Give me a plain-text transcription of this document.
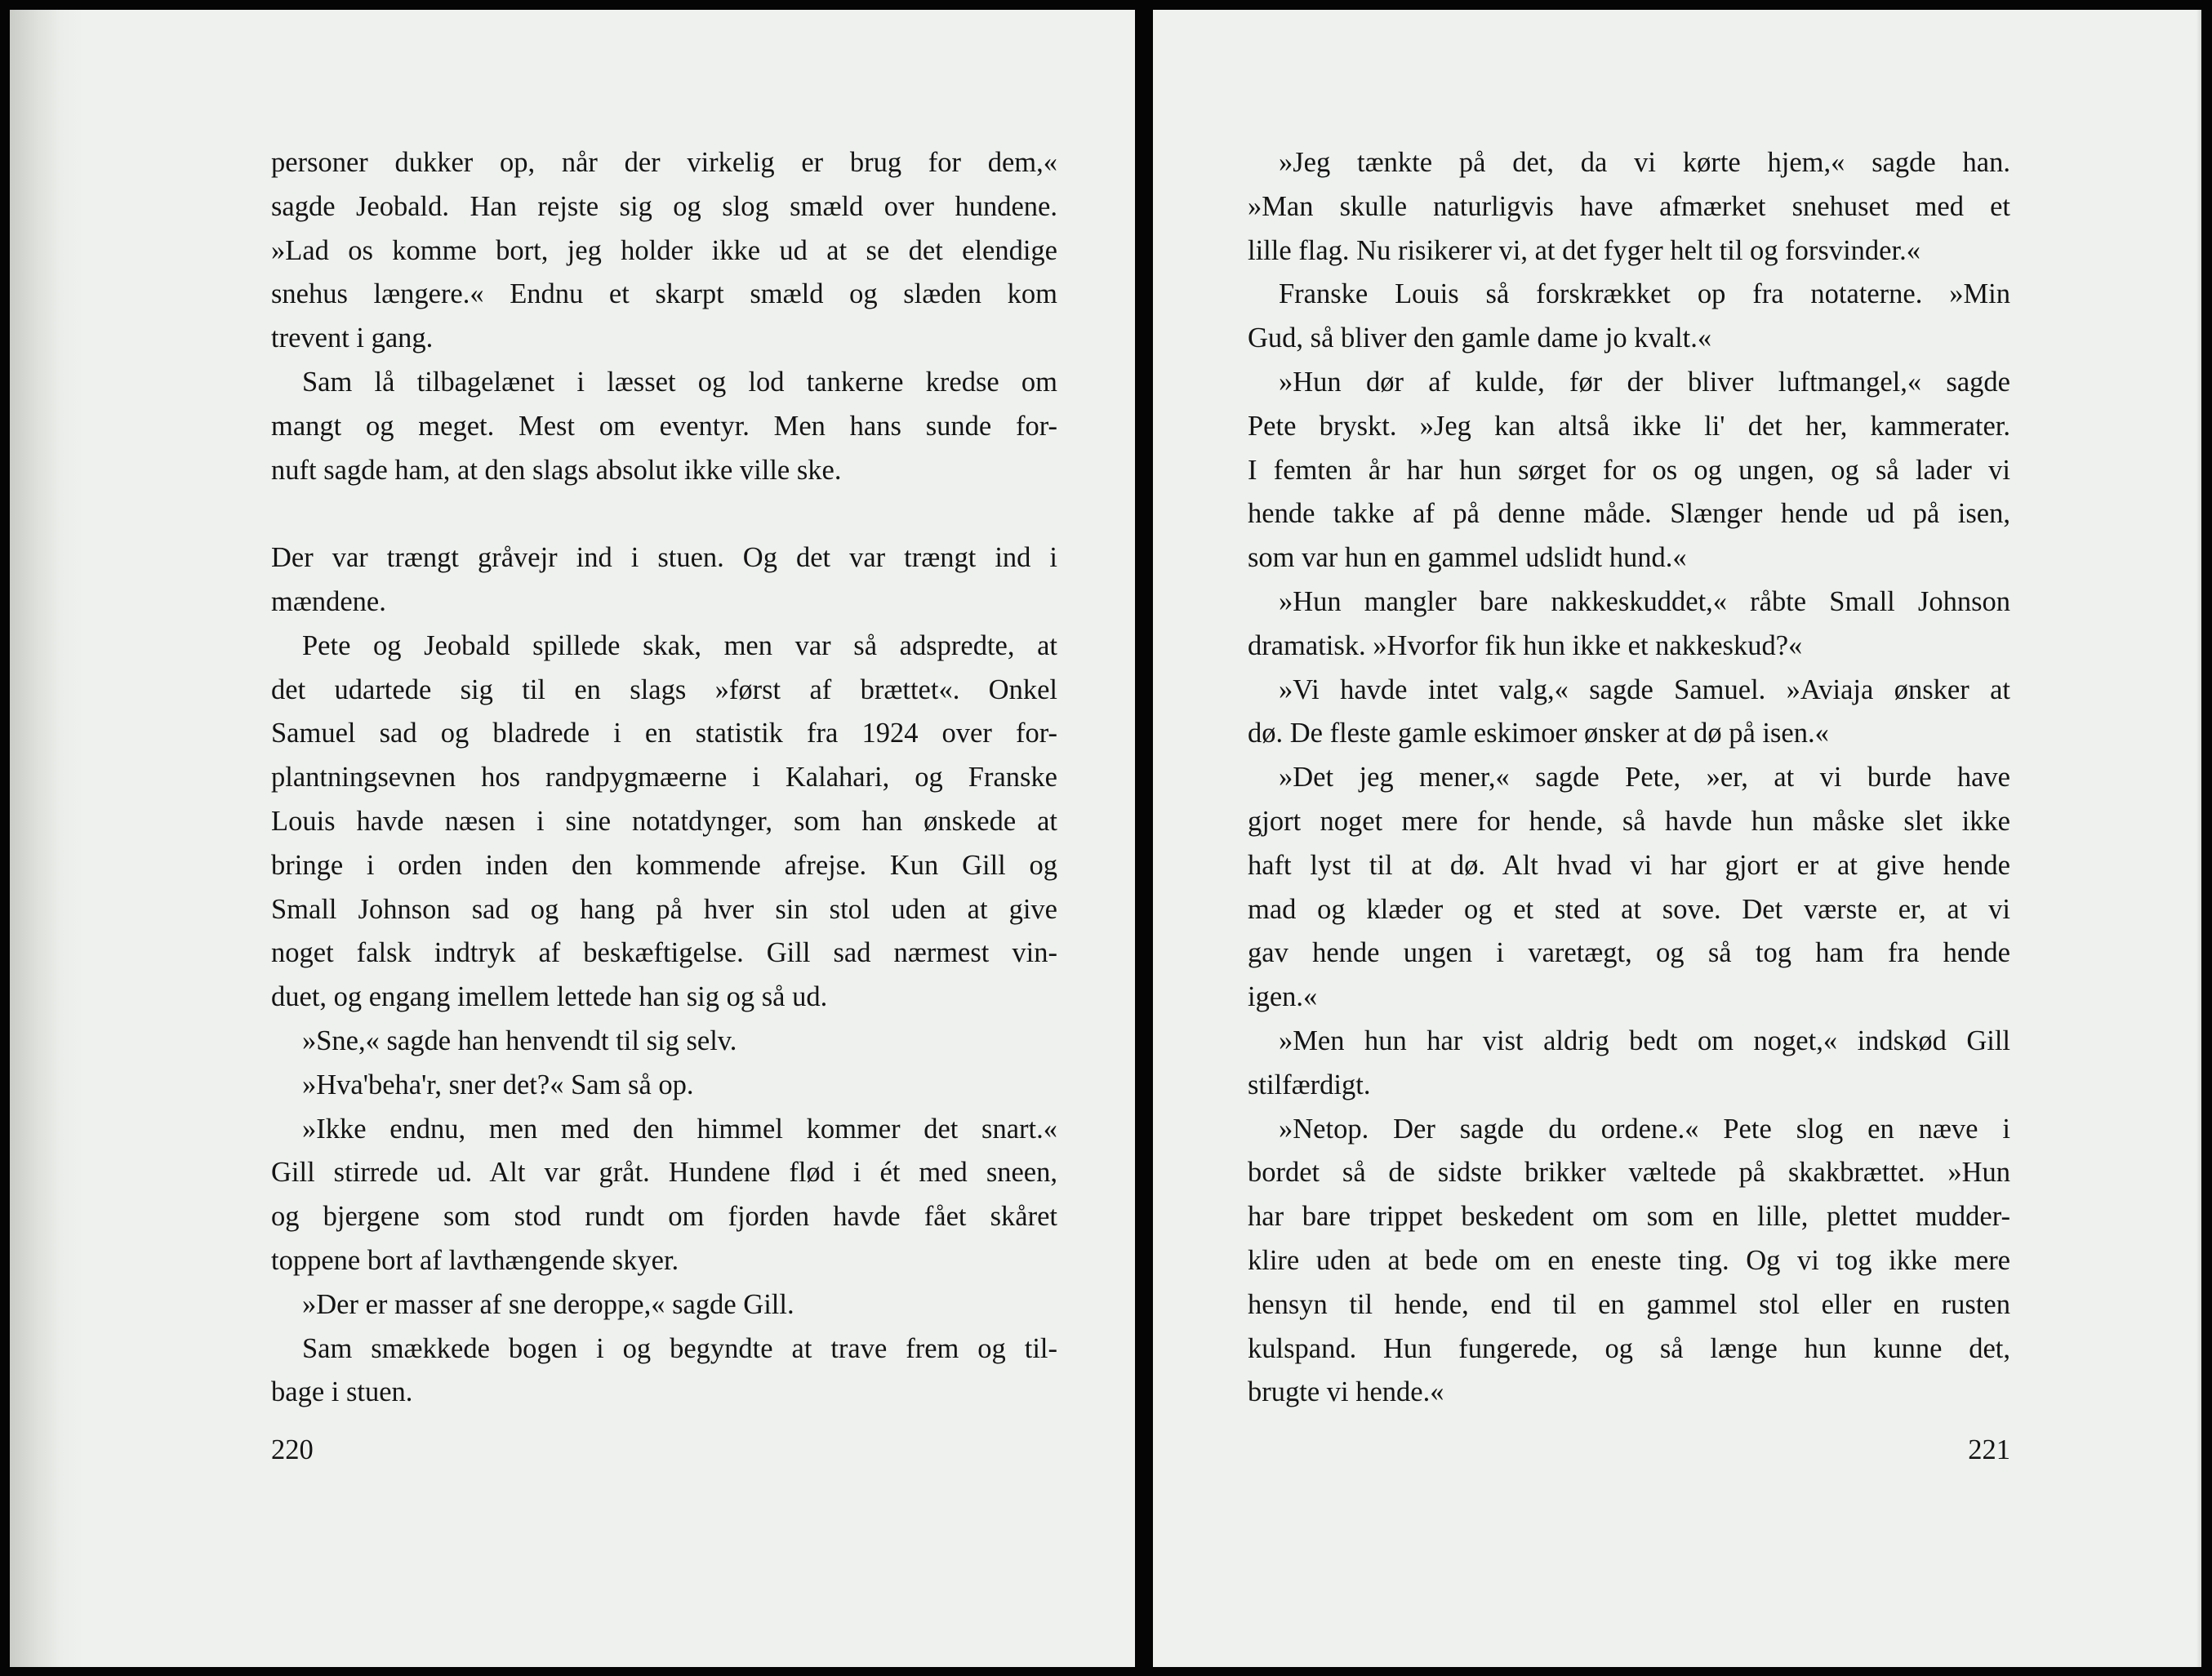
personer dukker op, når der virkelig er brug for dem,«
sagde Jeobald. Han rejste sig og slog smæld over hundene.
»Lad os komme bort, jeg holder ikke ud at se det elendige
snehus længere.« Endnu et skarpt smæld og slæden kom
trevent i gang.
Sam lå tilbagelænet i læsset og lod tankerne kredse om
mangt og meget. Mest om eventyr. Men hans sunde for-
nuft sagde ham, at den slags absolut ikke ville ske.
Der var trængt gråvejr ind i stuen. Og det var trængt ind i
mændene.
Pete og Jeobald spillede skak, men var så adspredte, at
det udartede sig til en slags »først af brættet«. Onkel
Samuel sad og bladrede i en statistik fra 1924 over for-
plantningsevnen hos randpygmæerne i Kalahari, og Franske
Louis havde næsen i sine notatdynger, som han ønskede at
bringe i orden inden den kommende afrejse. Kun Gill og
Small Johnson sad og hang på hver sin stol uden at give
noget falsk indtryk af beskæftigelse. Gill sad nærmest vin-
duet, og engang imellem lettede han sig og så ud.
»Sne,« sagde han henvendt til sig selv.
»Hva'beha'r, sner det?« Sam så op.
»Ikke endnu, men med den himmel kommer det snart.«
Gill stirrede ud. Alt var gråt. Hundene flød i ét med sneen,
og bjergene som stod rundt om fjorden havde fået skåret
toppene bort af lavthængende skyer.
»Der er masser af sne deroppe,« sagde Gill.
Sam smækkede bogen i og begyndte at trave frem og til-
bage i stuen.
220
»Jeg tænkte på det, da vi kørte hjem,« sagde han.
»Man skulle naturligvis have afmærket snehuset med et
lille flag. Nu risikerer vi, at det fyger helt til og forsvinder.«
Franske Louis så forskrækket op fra notaterne. »Min
Gud, så bliver den gamle dame jo kvalt.«
»Hun dør af kulde, før der bliver luftmangel,« sagde
Pete bryskt. »Jeg kan altså ikke li' det her, kammerater.
I femten år har hun sørget for os og ungen, og så lader vi
hende takke af på denne måde. Slænger hende ud på isen,
som var hun en gammel udslidt hund.«
»Hun mangler bare nakkeskuddet,« råbte Small Johnson
dramatisk. »Hvorfor fik hun ikke et nakkeskud?«
»Vi havde intet valg,« sagde Samuel. »Aviaja ønsker at
dø. De fleste gamle eskimoer ønsker at dø på isen.«
»Det jeg mener,« sagde Pete, »er, at vi burde have
gjort noget mere for hende, så havde hun måske slet ikke
haft lyst til at dø. Alt hvad vi har gjort er at give hende
mad og klæder og et sted at sove. Det værste er, at vi
gav hende ungen i varetægt, og så tog ham fra hende
igen.«
»Men hun har vist aldrig bedt om noget,« indskød Gill
stilfærdigt.
»Netop. Der sagde du ordene.« Pete slog en næve i
bordet så de sidste brikker væltede på skakbrættet. »Hun
har bare trippet beskedent om som en lille, plettet mudder-
klire uden at bede om en eneste ting. Og vi tog ikke mere
hensyn til hende, end til en gammel stol eller en rusten
kulspand. Hun fungerede, og så længe hun kunne det,
brugte vi hende.«
221
